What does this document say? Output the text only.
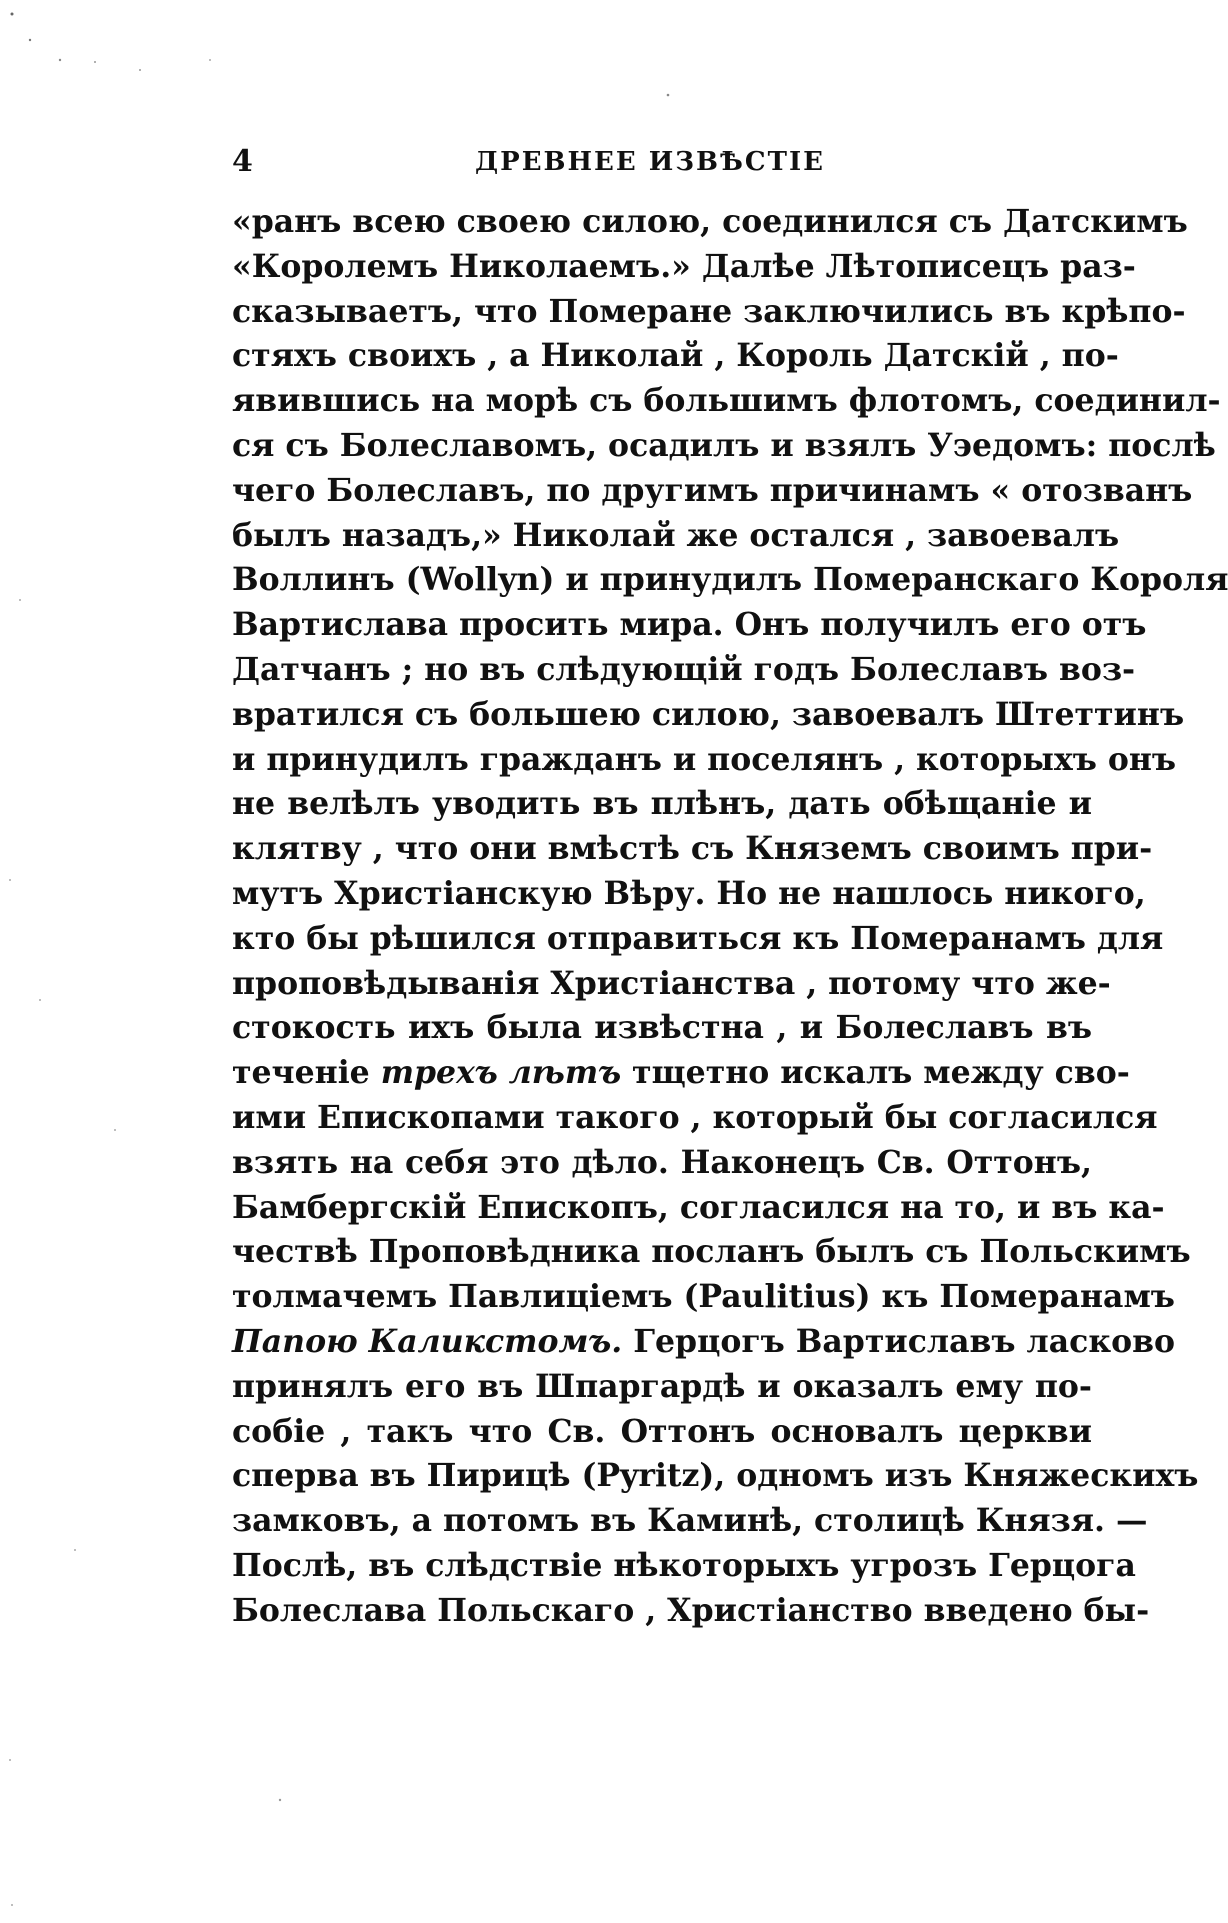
4	ДРЕВНЕЕ ИЗВѢСТІЕ
«ранъ всею своею силою, соединился съ Датскимъ
«Королемъ Николаемъ.» Далѣе Лѣтописецъ раз-
сказываетъ, что Померане заключились въ крѣпо-
стяхъ своихъ , а Николай , Король Датскій , по-
явившись на морѣ съ большимъ флотомъ, соединил-
ся съ Болеславомъ, осадилъ и взялъ Уэедомъ: послѣ
чего Болеславъ, по другимъ причинамъ « отозванъ
былъ назадъ,» Николай же остался , завоевалъ
Воллинъ (Wollyn) и принудилъ Померанскаго Короля
Вартислава просить мира. Онъ получилъ его отъ
Датчанъ ; но въ слѣдующій годъ Болеславъ воз-
вратился съ большею силою, завоевалъ Штеттинъ
и принудилъ гражданъ и поселянъ , которыхъ онъ
не велѣлъ уводить въ плѣнъ, дать обѣщаніе и
клятву , что они вмѣстѣ съ Княземъ своимъ при-
мутъ Христіанскую Вѣру. Но не нашлось никого,
кто бы рѣшился отправиться къ Померанамъ для
проповѣдыванія Христіанства , потому что же-
стокость ихъ была извѣстна , и Болеславъ въ
теченіе трехъ лѣтъ тщетно искалъ между сво-
ими Епископами такого , который бы согласился
взять на себя это дѣло. Наконецъ Св. Оттонъ,
Бамбергскій Епископъ, согласился на то, и въ ка-
чествѣ Проповѣдника посланъ былъ съ Польскимъ
толмачемъ Павлиціемъ (Paulitius) къ Померанамъ
Папою Каликстомъ. Герцогъ Вартиславъ ласково
принялъ его въ Шпаргардѣ и оказалъ ему по-
собіе , такъ что Св. Оттонъ основалъ церкви
сперва въ Пирицѣ (Pyritz), одномъ изъ Княжескихъ
замковъ, а потомъ въ Каминѣ, столицѣ Князя. —
Послѣ, въ слѣдствіе нѣкоторыхъ угрозъ Герцога
Болеслава Польскаго , Христіанство введено бы-
